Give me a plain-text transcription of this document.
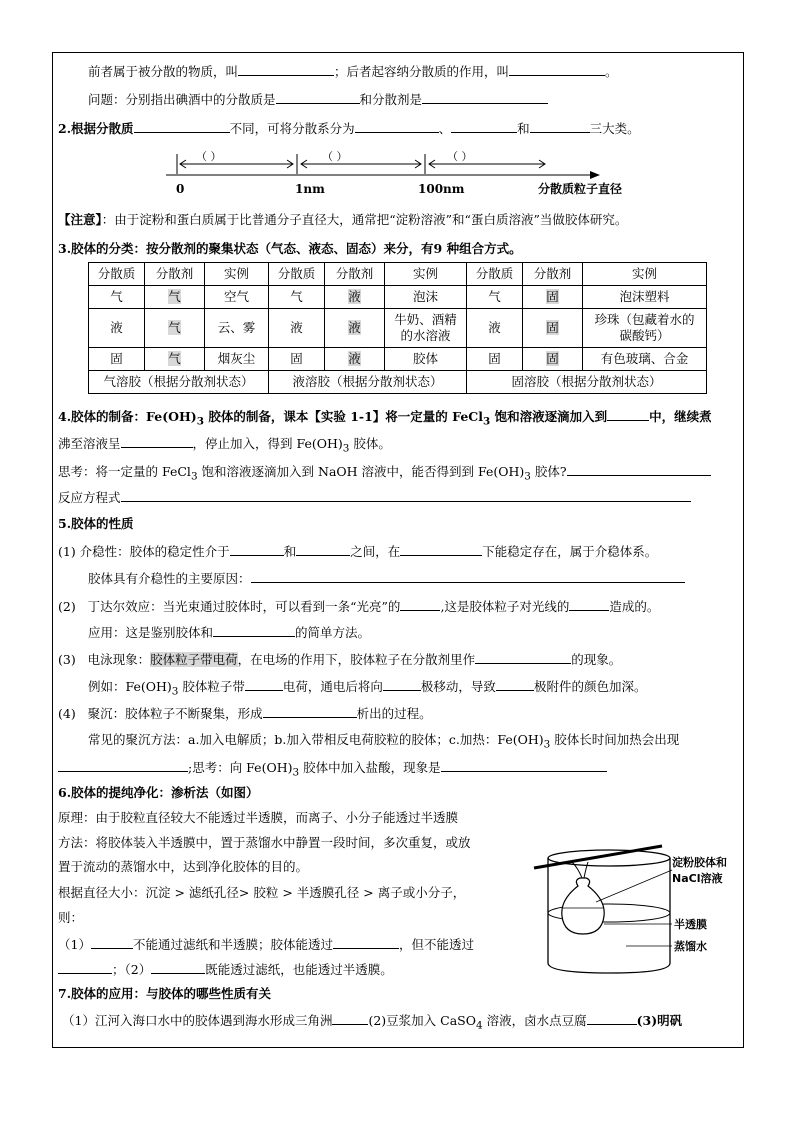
前者属于被分散的物质，叫	；后者起容纳分散质的作用，叫	。
问题：分别指出碘酒中的分散质是	和分散剂是
2.根据分散质	不同，可将分散系分为	、	和	三大类。
（ ）	（ ）	（ ）
0	1nm	100nm	分散质粒子直径
【注意】：由于淀粉和蛋白质属于比普通分子直径大，通常把“淀粉溶液”和“蛋白质溶液”当做胶体研究。
3.胶体的分类：按分散剂的聚集状态（气态、液态、固态）来分，有9 种组合方式。
分散质	分散剂	实例	分散质	分散剂	实例	分散质	分散剂	实例
气	气	空气	气	液	泡沫	气	固	泡沫塑料
液	气	云、雾	液	液	牛奶、酒精的水溶液	液	固	珍珠（包藏着水的碳酸钙）
固	气	烟灰尘	固	液	胶体	固	固	有色玻璃、合金
气溶胶（根据分散剂状态）			液溶胶（根据分散剂状态）			固溶胶（根据分散剂状态）		
4.胶体的制备：$Fe(OH)_3$ 胶体的制备，课本【实验 1-1】将一定量的 FeCl$_3$ 饱和溶液逐滴加入到	中，继续煮
沸至溶液呈	，停止加入，得到 $Fe(OH)_3$ 胶体。
思考：将一定量的 FeCl$_3$ 饱和溶液逐滴加入到 NaOH 溶液中，能否得到到 $Fe(OH)_3$ 胶体?
反应方程式
5.胶体的性质
(1) 介稳性：胶体的稳定性介于	和	之间，在	下能稳定存在，属于介稳体系。
胶体具有介稳性的主要原因：
(2) 丁达尔效应：当光束通过胶体时，可以看到一条“光亮”的	,这是胶体粒子对光线的	造成的。
应用：这是鉴别胶体和	的简单方法。
(3) 电泳现象：胶体粒子带电荷，在电场的作用下，胶体粒子在分散剂里作	的现象。
例如：$Fe(OH)_3$ 胶体粒子带	电荷，通电后将向	极移动，导致	极附件的颜色加深。
(4) 聚沉：胶体粒子不断聚集，形成	析出的过程。
常见的聚沉方法：a.加入电解质；b.加入带相反电荷胶粒的胶体；c.加热：$Fe(OH)_3$ 胶体长时间加热会出现
;思考：向 $Fe(OH)_3$ 胶体中加入盐酸，现象是
6.胶体的提纯净化：渗析法（如图）
原理：由于胶粒直径较大不能透过半透膜，而离子、小分子能透过半透膜
方法：将胶体装入半透膜中，置于蒸馏水中静置一段时间，多次重复，或放
置于流动的蒸馏水中，达到净化胶体的目的。
根据直径大小：沉淀 > 滤纸孔径> 胶粒 > 半透膜孔径 > 离子或小分子，
则：
（1）	不能通过滤纸和半透膜；胶体能透过	，但不能透过
；（2）	既能透过滤纸，也能透过半透膜。
淀粉胶体和
NaCl溶液
半透膜
蒸馏水
7.胶体的应用：与胶体的哪些性质有关
（1）江河入海口水中的胶体遇到海水形成三角洲	(2)豆浆加入 CaSO$_4$ 溶液，卤水点豆腐	(3)明矾
